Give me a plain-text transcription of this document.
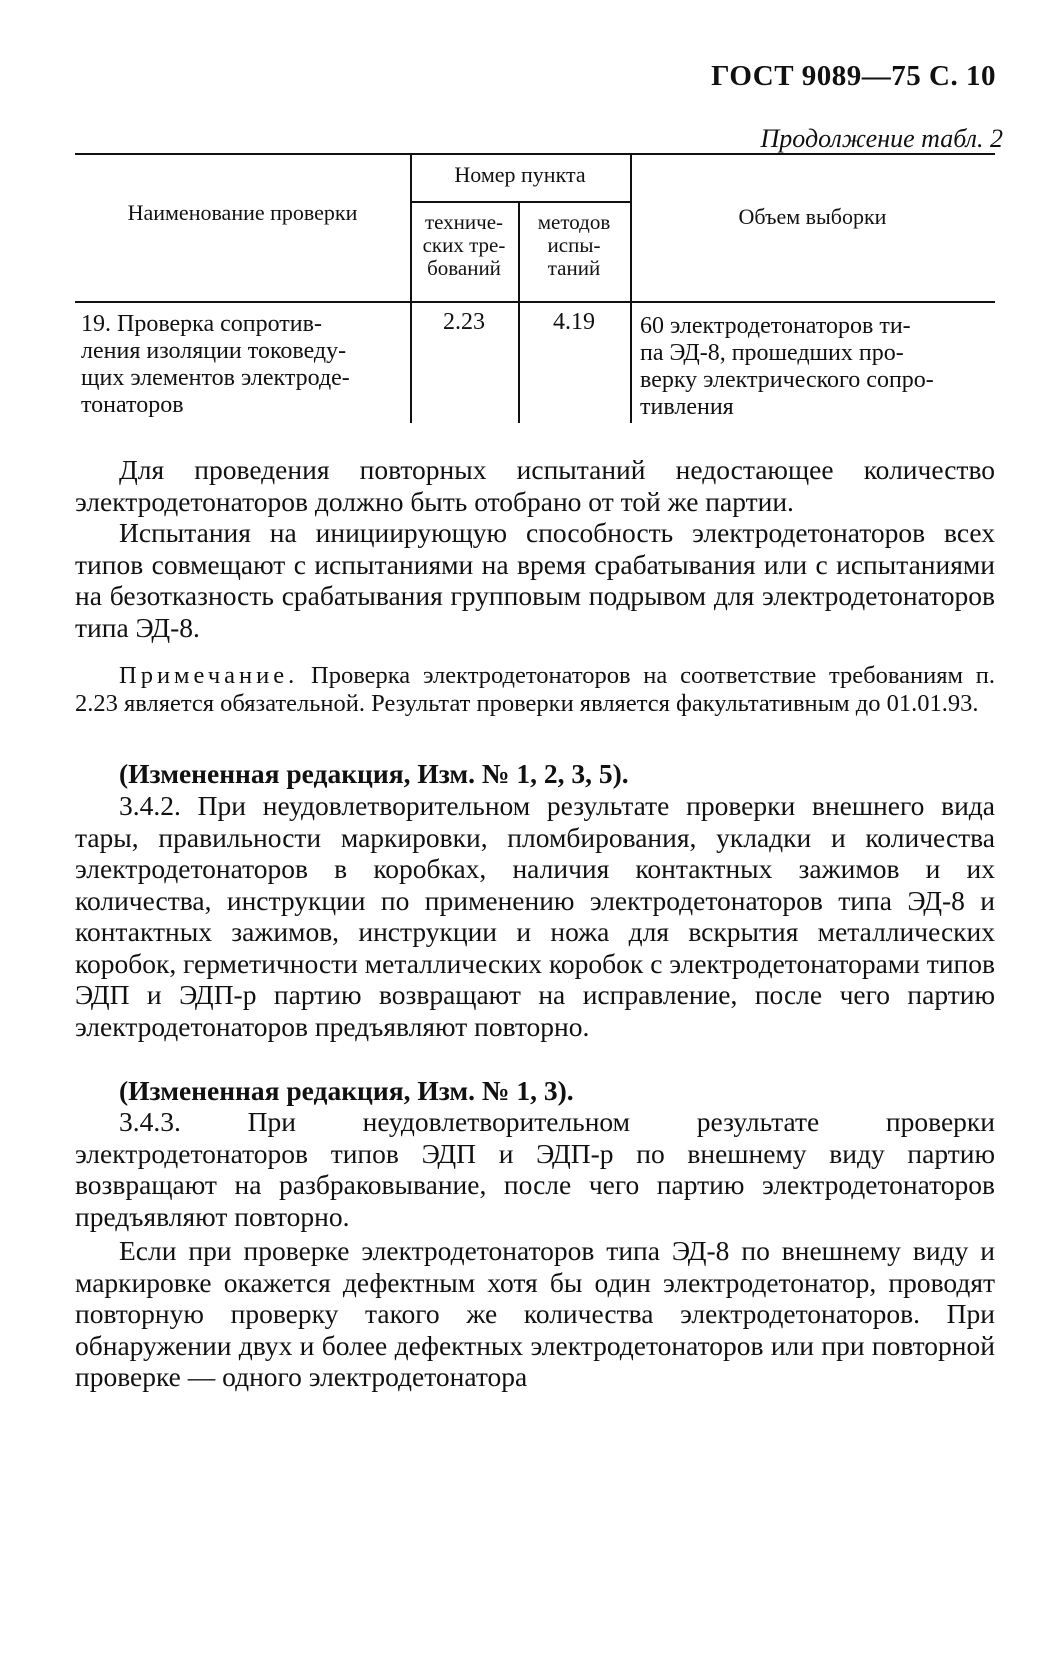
ГОСТ 9089—75 С. 10
Продолжение табл. 2
Наименование проверки
Номер пункта
техниче-
ских тре-
бований
методов
испы-
таний
Объем выборки
19. Проверка сопротив-
ления изоляции токоведу-
щих элементов электроде-
тонаторов
2.23	4.19	60 электродетонаторов ти-
па ЭД-8, прошедших про-
верку электрического сопро-
тивления
Для проведения повторных испытаний недостающее количество электродетонаторов должно быть отобрано от той же партии.
Испытания на инициирующую способность электродетонаторов всех типов совмещают с испытаниями на время срабатывания или с испытаниями на безотказность срабатывания групповым подрывом для электродетонаторов типа ЭД-8.
Примечание. Проверка электродетонаторов на соответствие требованиям п. 2.23 является обязательной. Результат проверки является факультативным до 01.01.93.
(Измененная редакция, Изм. № 1, 2, 3, 5).
3.4.2. При неудовлетворительном результате проверки внешнего вида тары, правильности маркировки, пломбирования, укладки и количества электродетонаторов в коробках, наличия контактных зажимов и их количества, инструкции по применению электродетонаторов типа ЭД-8 и контактных зажимов, инструкции и ножа для вскрытия металлических коробок, герметичности металлических коробок с электродетонаторами типов ЭДП и ЭДП-р партию возвращают на исправление, после чего партию электродетонаторов предъявляют повторно.
(Измененная редакция, Изм. № 1, 3).
3.4.3. При неудовлетворительном результате проверки электродетонаторов типов ЭДП и ЭДП-р по внешнему виду партию возвращают на разбраковывание, после чего партию электродетонаторов предъявляют повторно.
Если при проверке электродетонаторов типа ЭД-8 по внешнему виду и маркировке окажется дефектным хотя бы один электродетонатор, проводят повторную проверку такого же количества электродетонаторов. При обнаружении двух и более дефектных электродетонаторов или при повторной проверке — одного электродетонатора
